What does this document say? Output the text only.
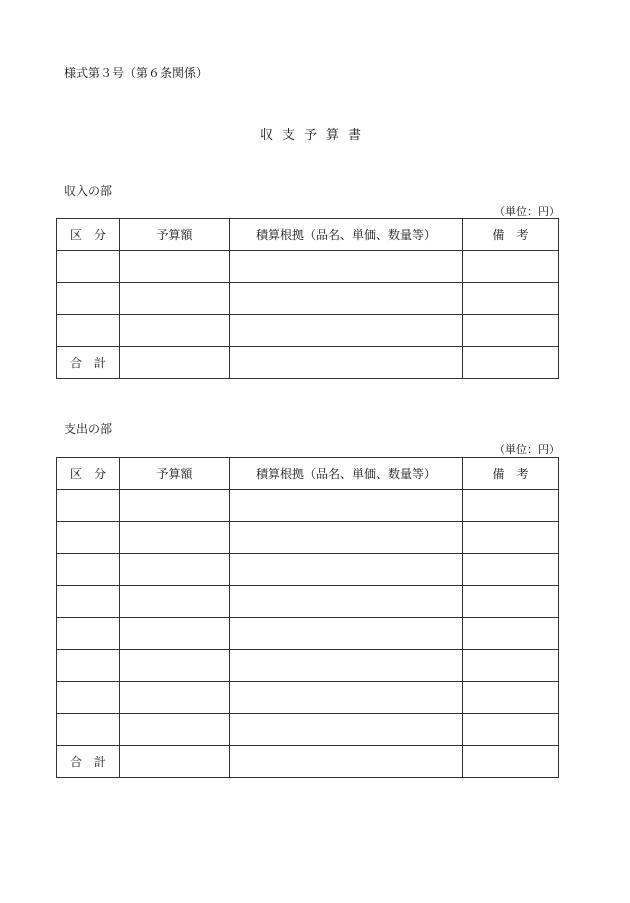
様式第３号（第６条関係）
収支予算書
収入の部
（単位：円）
区分	予算額	積算根拠（品名、単価、数量等）	備考

合計			
支出の部
（単位：円）
区分	予算額	積算根拠（品名、単価、数量等）	備考

合計			
